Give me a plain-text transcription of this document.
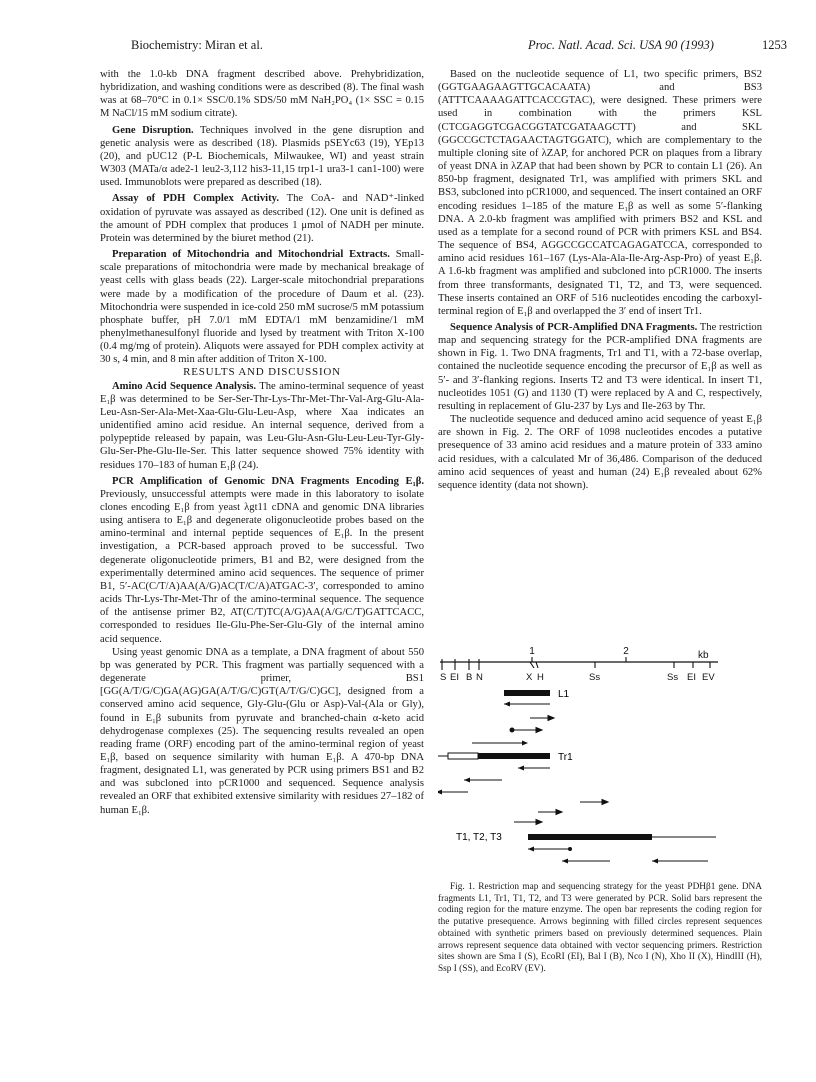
Biochemistry: Miran et al.	Proc. Natl. Acad. Sci. USA 90 (1993)	1253

with the 1.0-kb DNA fragment described above. Prehybridization, hybridization, and washing conditions were as described (8). The final wash was at 68–70°C in 0.1× SSC/0.1% SDS/50 mM NaH₂PO₄ (1× SSC = 0.15 M NaCl/15 mM sodium citrate).

Gene Disruption. Techniques involved in the gene disruption and genetic analysis were as described (18). Plasmids pSEYc63 (19), YEp13 (20), and pUC12 (P-L Biochemicals, Milwaukee, WI) and yeast strain W303 (MATa/α ade2-1 leu2-3,112 his3-11,15 trp1-1 ura3-1 can1-100) were used. Immunoblots were prepared as described (18).

Assay of PDH Complex Activity. The CoA- and NAD⁺-linked oxidation of pyruvate was assayed as described (12). One unit is defined as the amount of PDH complex that produces 1 μmol of NADH per minute. Protein was determined by the biuret method (21).

Preparation of Mitochondria and Mitochondrial Extracts. Small-scale preparations of mitochondria were made by mechanical breakage of yeast cells with glass beads (22). Larger-scale mitochondrial preparations were made by a modification of the procedure of Daum et al. (23). Mitochondria were suspended in ice-cold 250 mM sucrose/5 mM potassium phosphate buffer, pH 7.0/1 mM EDTA/1 mM benzamidine/1 mM phenylmethanesulfonyl fluoride and lysed by treatment with Triton X-100 (0.4 mg/mg of protein). Aliquots were assayed for PDH complex activity at 30 s, 4 min, and 8 min after addition of Triton X-100.

RESULTS AND DISCUSSION

Amino Acid Sequence Analysis. The amino-terminal sequence of yeast E₁β was determined to be Ser-Ser-Thr-Lys-Thr-Met-Thr-Val-Arg-Glu-Ala-Leu-Asn-Ser-Ala-Met-Xaa-Glu-Glu-Leu-Asp, where Xaa indicates an unidentified amino acid residue. An internal sequence, derived from a polypeptide released by papain, was Leu-Glu-Asn-Glu-Leu-Leu-Tyr-Gly-Glu-Ser-Phe-Glu-Ile-Ser. This latter sequence showed 75% identity with residues 170–183 of human E₁β (24).

PCR Amplification of Genomic DNA Fragments Encoding E₁β. Previously, unsuccessful attempts were made in this laboratory to isolate clones encoding E₁β from yeast λgt11 cDNA and genomic DNA libraries using antisera to E₁β and degenerate oligonucleotide probes based on the amino-terminal and internal peptide sequences of E₁β. In the present investigation, a PCR-based approach proved to be successful. Two degenerate oligonucleotide primers, B1 and B2, were designed from the experimentally determined amino acid sequences. The sequence of primer B1, 5′-AC(C/T/A)AA(A/G)AC(T/C/A)ATGAC-3′, corresponded to amino acids Thr-Lys-Thr-Met-Thr of the amino-terminal sequence. The sequence of the antisense primer B2, AT(C/T)TC(A/G)AA(A/G/C/T)GATTCACC, corresponded to residues Ile-Glu-Phe-Ser-Glu-Gly of the internal amino acid sequence.

Using yeast genomic DNA as a template, a DNA fragment of about 550 bp was generated by PCR. This fragment was partially sequenced with a degenerate primer, BS1 [GG(A/T/G/C)GA(AG)GA(A/T/G/C)GT(A/T/G/C)GC], designed from a conserved amino acid sequence, Gly-Glu-(Glu or Asp)-Val-(Ala or Gly), found in E₁β subunits from pyruvate and branched-chain α-keto acid dehydrogenase complexes (25). The sequencing results revealed an open reading frame (ORF) encoding part of the amino-terminal region of yeast E₁β, based on sequence similarity with human E₁β. A 470-bp DNA fragment, designated L1, was generated by PCR using primers BS1 and B2 and was subcloned into pCR1000 and sequenced. Sequence analysis revealed an ORF that exhibited extensive similarity with residues 27–182 of human E₁β.

Based on the nucleotide sequence of L1, two specific primers, BS2 (GGTGAAGAAGTTGCACAATA) and BS3 (ATTTCAAAAGATTCACCGTAC), were designed. These primers were used in combination with the primers KSL (CTCGAGGTCGACGGTATCGATAAGCTT) and SKL (GGCCGCTCTAGAACTAGTGGATC), which are complementary to the multiple cloning site of λZAP, for anchored PCR on plaques from a library of yeast DNA in λZAP that had been shown by PCR to contain L1 (26). An 850-bp fragment, designated Tr1, was amplified with primers SKL and BS3, subcloned into pCR1000, and sequenced. The insert contained an ORF encoding residues 1–185 of the mature E₁β as well as some 5′-flanking DNA. A 2.0-kb fragment was amplified with primers BS2 and KSL and used as a template for a second round of PCR with primers KSL and BS4. The sequence of BS4, AGGCCGCCATCAGAGATCCA, corresponded to amino acid residues 161–167 (Lys-Ala-Ala-Ile-Arg-Asp-Pro) of yeast E₁β. A 1.6-kb fragment was amplified and subcloned into pCR1000. The inserts from three transformants, designated T1, T2, and T3, were sequenced. These inserts contained an ORF of 516 nucleotides encoding the carboxyl-terminal region of E₁β and overlapped the 3′ end of insert Tr1.

Sequence Analysis of PCR-Amplified DNA Fragments. The restriction map and sequencing strategy for the PCR-amplified DNA fragments are shown in Fig. 1. Two DNA fragments, Tr1 and T1, with a 72-base overlap, contained the nucleotide sequence encoding the precursor of E₁β as well as 5′- and 3′-flanking regions. Inserts T2 and T3 were identical. In insert T1, nucleotides 1051 (G) and 1130 (T) were replaced by A and C, respectively, resulting in replacement of Glu-237 by Lys and Ile-263 by Thr.

The nucleotide sequence and deduced amino acid sequence of yeast E₁β are shown in Fig. 2. The ORF of 1098 nucleotides encodes a putative presequence of 33 amino acid residues and a mature protein of 333 amino acid residues, with a calculated Mr of 36,486. Comparison of the deduced amino acid sequences of yeast and human (24) E₁β revealed about 62% sequence identity (data not shown).

1	2	kb
S EI B N	X H	Ss	Ss EI EV
L1
Tr1
T1, T2, T3

Fig. 1. Restriction map and sequencing strategy for the yeast PDHβ1 gene. DNA fragments L1, Tr1, T1, T2, and T3 were generated by PCR. Solid bars represent the coding region for the mature enzyme. The open bar represents the coding region for the putative presequence. Arrows beginning with filled circles represent sequences obtained with synthetic primers based on previously determined sequences. Plain arrows represent sequence data obtained with vector sequencing primers. Restriction sites shown are Sma I (S), EcoRI (EI), Bal I (B), Nco I (N), Xho II (X), HindIII (H), Ssp I (SS), and EcoRV (EV).
